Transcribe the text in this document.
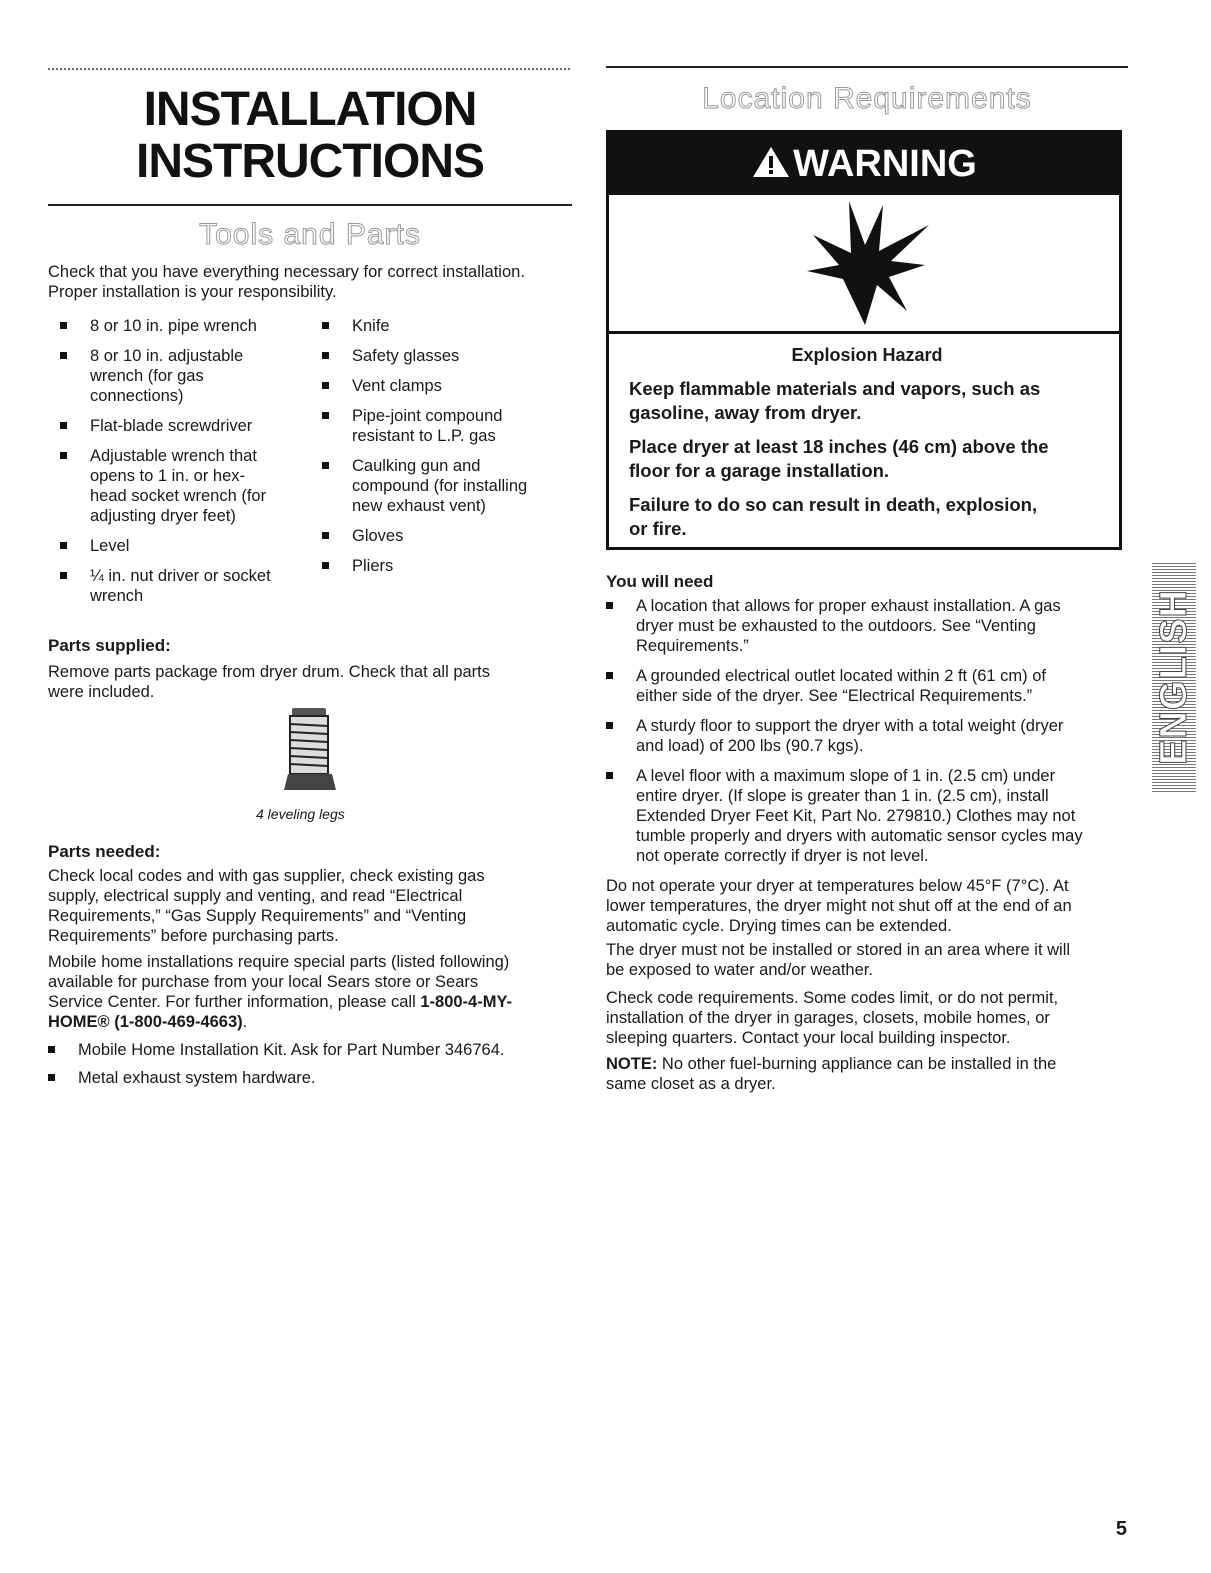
INSTALLATION
INSTRUCTIONS
Tools and Parts
Check that you have everything necessary for correct installation.
Proper installation is your responsibility.
8 or 10 in. pipe wrench
8 or 10 in. adjustable
wrench (for gas
connections)
Flat-blade screwdriver
Adjustable wrench that
opens to 1 in. or hex-
head socket wrench (for
adjusting dryer feet)
Level
¼ in. nut driver or socket
wrench
Knife
Safety glasses
Vent clamps
Pipe-joint compound
resistant to L.P. gas
Caulking gun and
compound (for installing
new exhaust vent)
Gloves
Pliers
Parts supplied:
Remove parts package from dryer drum. Check that all parts
were included.
4 leveling legs
Parts needed:
Check local codes and with gas supplier, check existing gas
supply, electrical supply and venting, and read “Electrical
Requirements,” “Gas Supply Requirements” and “Venting
Requirements” before purchasing parts.
Mobile home installations require special parts (listed following)
available for purchase from your local Sears store or Sears
Service Center. For further information, please call 1-800-4-MY-
HOME® (1-800-469-4663).
Mobile Home Installation Kit. Ask for Part Number 346764.
Metal exhaust system hardware.
Location Requirements
WARNING
Explosion Hazard
Keep flammable materials and vapors, such as
gasoline, away from dryer.
Place dryer at least 18 inches (46 cm) above the
floor for a garage installation.
Failure to do so can result in death, explosion,
or fire.
You will need
A location that allows for proper exhaust installation. A gas
dryer must be exhausted to the outdoors. See “Venting
Requirements.”
A grounded electrical outlet located within 2 ft (61 cm) of
either side of the dryer. See “Electrical Requirements.”
A sturdy floor to support the dryer with a total weight (dryer
and load) of 200 lbs (90.7 kgs).
A level floor with a maximum slope of 1 in. (2.5 cm) under
entire dryer. (If slope is greater than 1 in. (2.5 cm), install
Extended Dryer Feet Kit, Part No. 279810.) Clothes may not
tumble properly and dryers with automatic sensor cycles may
not operate correctly if dryer is not level.
Do not operate your dryer at temperatures below 45°F (7°C). At
lower temperatures, the dryer might not shut off at the end of an
automatic cycle. Drying times can be extended.
The dryer must not be installed or stored in an area where it will
be exposed to water and/or weather.
Check code requirements. Some codes limit, or do not permit,
installation of the dryer in garages, closets, mobile homes, or
sleeping quarters. Contact your local building inspector.
NOTE: No other fuel-burning appliance can be installed in the
same closet as a dryer.
ENGLISH
5
